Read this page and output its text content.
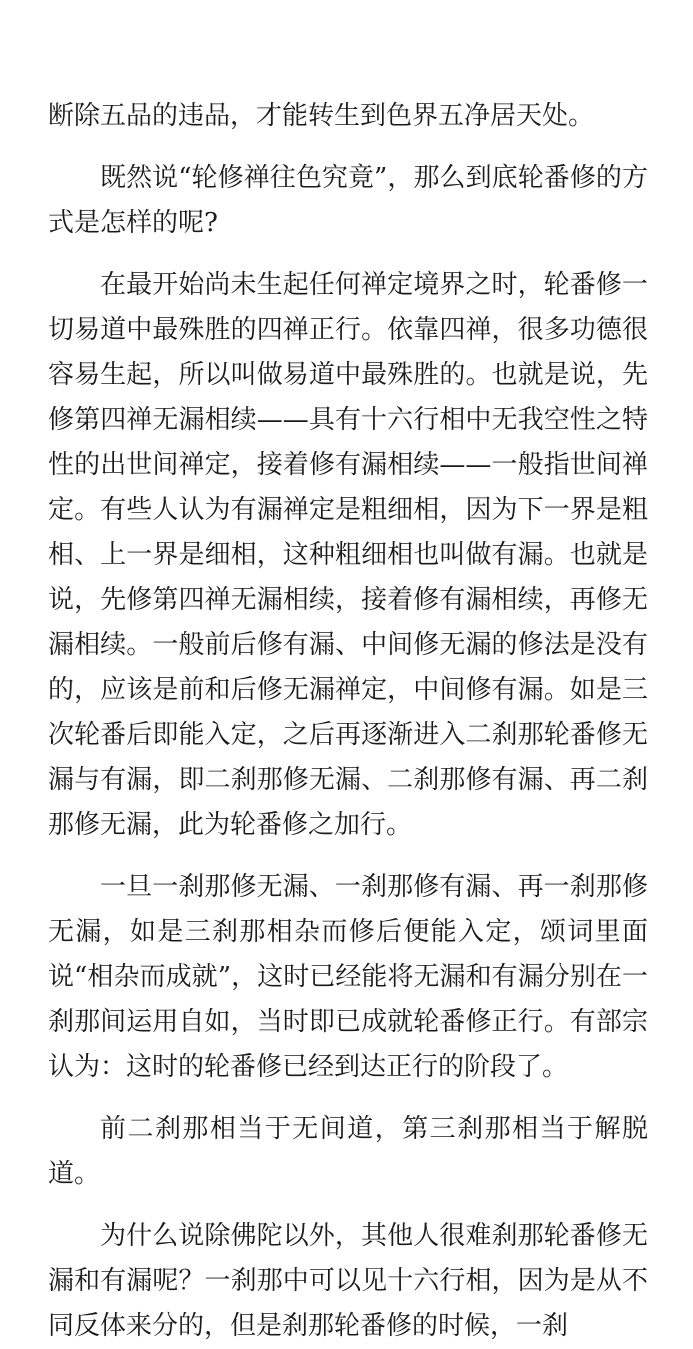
断除五品的违品，才能转生到色界五净居天处。

既然说“轮修禅往色究竟”，那么到底轮番修的方式是怎样的呢?

在最开始尚未生起任何禅定境界之时，轮番修一切易道中最殊胜的四禅正行。依靠四禅，很多功德很容易生起，所以叫做易道中最殊胜的。也就是说，先修第四禅无漏相续——具有十六行相中无我空性之特性的出世间禅定，接着修有漏相续——一般指世间禅定。有些人认为有漏禅定是粗细相，因为下一界是粗相、上一界是细相，这种粗细相也叫做有漏。也就是说，先修第四禅无漏相续，接着修有漏相续，再修无漏相续。一般前后修有漏、中间修无漏的修法是没有的，应该是前和后修无漏禅定，中间修有漏。如是三次轮番后即能入定，之后再逐渐进入二刹那轮番修无漏与有漏，即二刹那修无漏、二刹那修有漏、再二刹那修无漏，此为轮番修之加行。

一旦一刹那修无漏、一刹那修有漏、再一刹那修无漏，如是三刹那相杂而修后便能入定，颂词里面说“相杂而成就”，这时已经能将无漏和有漏分别在一刹那间运用自如，当时即已成就轮番修正行。有部宗认为：这时的轮番修已经到达正行的阶段了。

前二刹那相当于无间道，第三刹那相当于解脱道。

为什么说除佛陀以外，其他人很难刹那轮番修无漏和有漏呢？一刹那中可以见十六行相，因为是从不同反体来分的，但是刹那轮番修的时候，一刹
